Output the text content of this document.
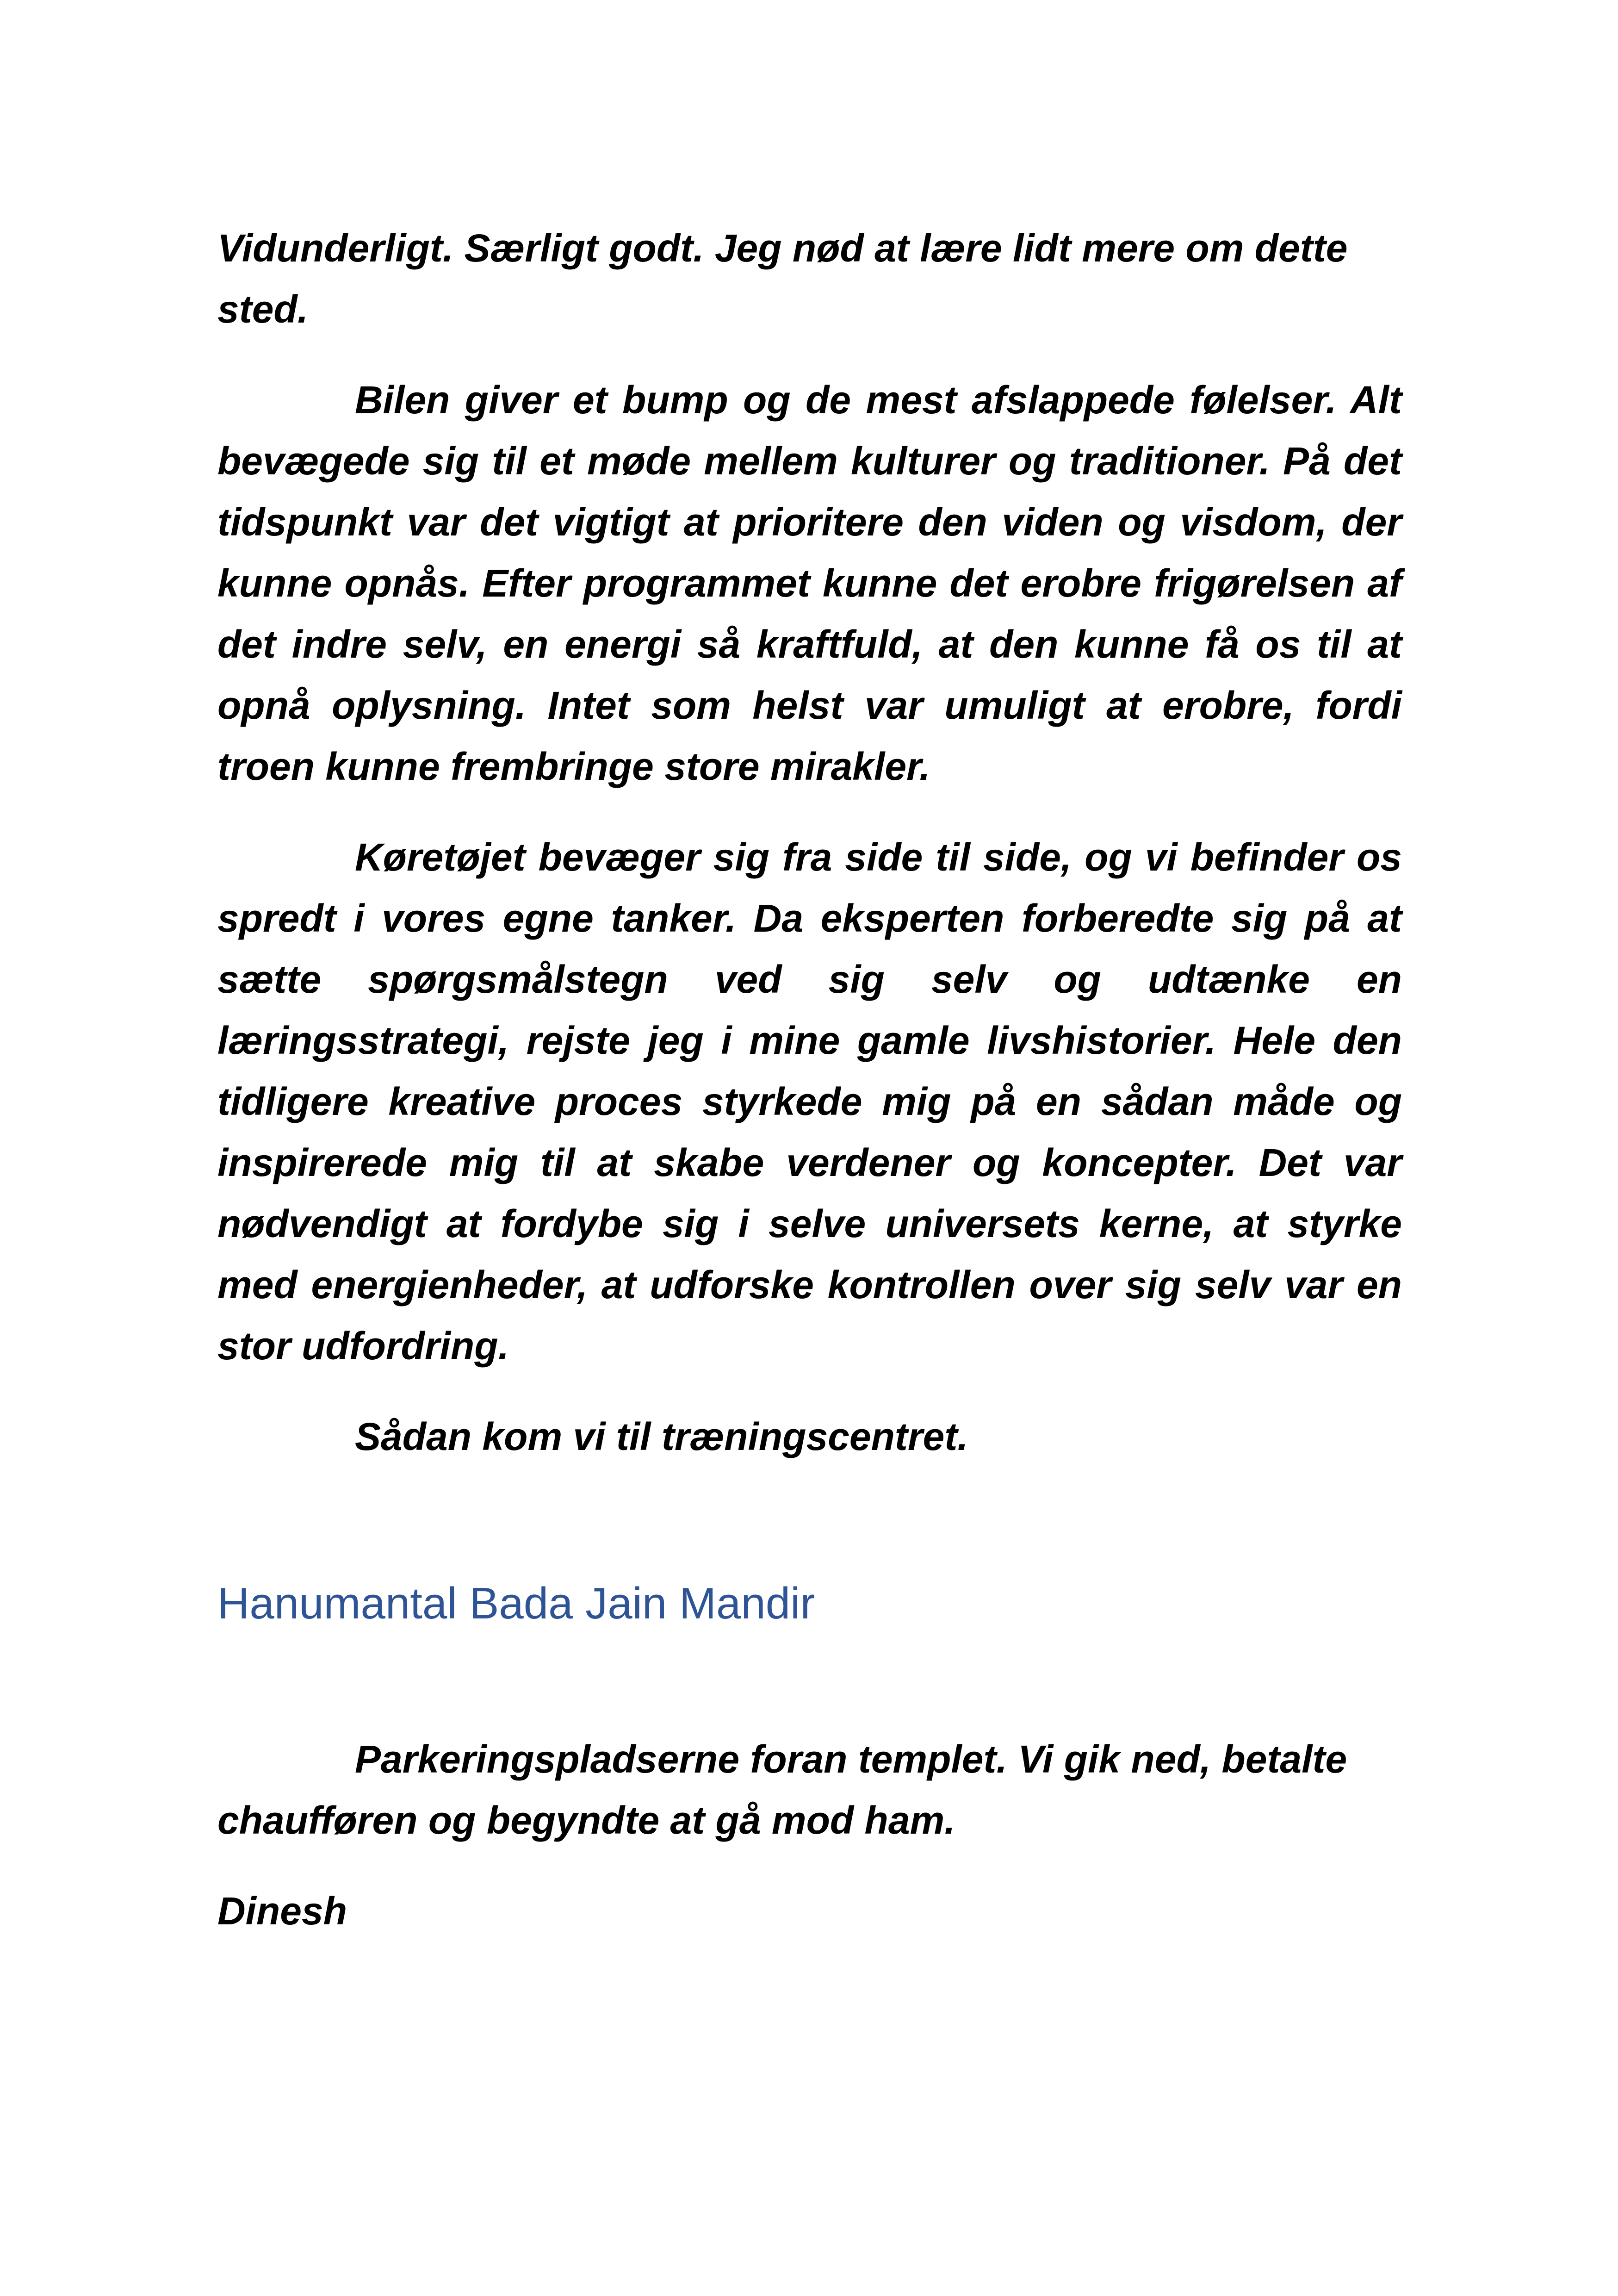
Vidunderligt. Særligt godt. Jeg nød at lære lidt mere om dette sted.

Bilen giver et bump og de mest afslappede følelser. Alt bevægede sig til et møde mellem kulturer og traditioner. På det tidspunkt var det vigtigt at prioritere den viden og visdom, der kunne opnås. Efter programmet kunne det erobre frigørelsen af det indre selv, en energi så kraftfuld, at den kunne få os til at opnå oplysning. Intet som helst var umuligt at erobre, fordi troen kunne frembringe store mirakler.

Køretøjet bevæger sig fra side til side, og vi befinder os spredt i vores egne tanker. Da eksperten forberedte sig på at sætte spørgsmålstegn ved sig selv og udtænke en læringsstrategi, rejste jeg i mine gamle livshistorier. Hele den tidligere kreative proces styrkede mig på en sådan måde og inspirerede mig til at skabe verdener og koncepter. Det var nødvendigt at fordybe sig i selve universets kerne, at styrke med energienheder, at udforske kontrollen over sig selv var en stor udfordring.

Sådan kom vi til træningscentret.

Hanumantal Bada Jain Mandir

Parkeringspladserne foran templet. Vi gik ned, betalte chaufføren og begyndte at gå mod ham.

Dinesh
